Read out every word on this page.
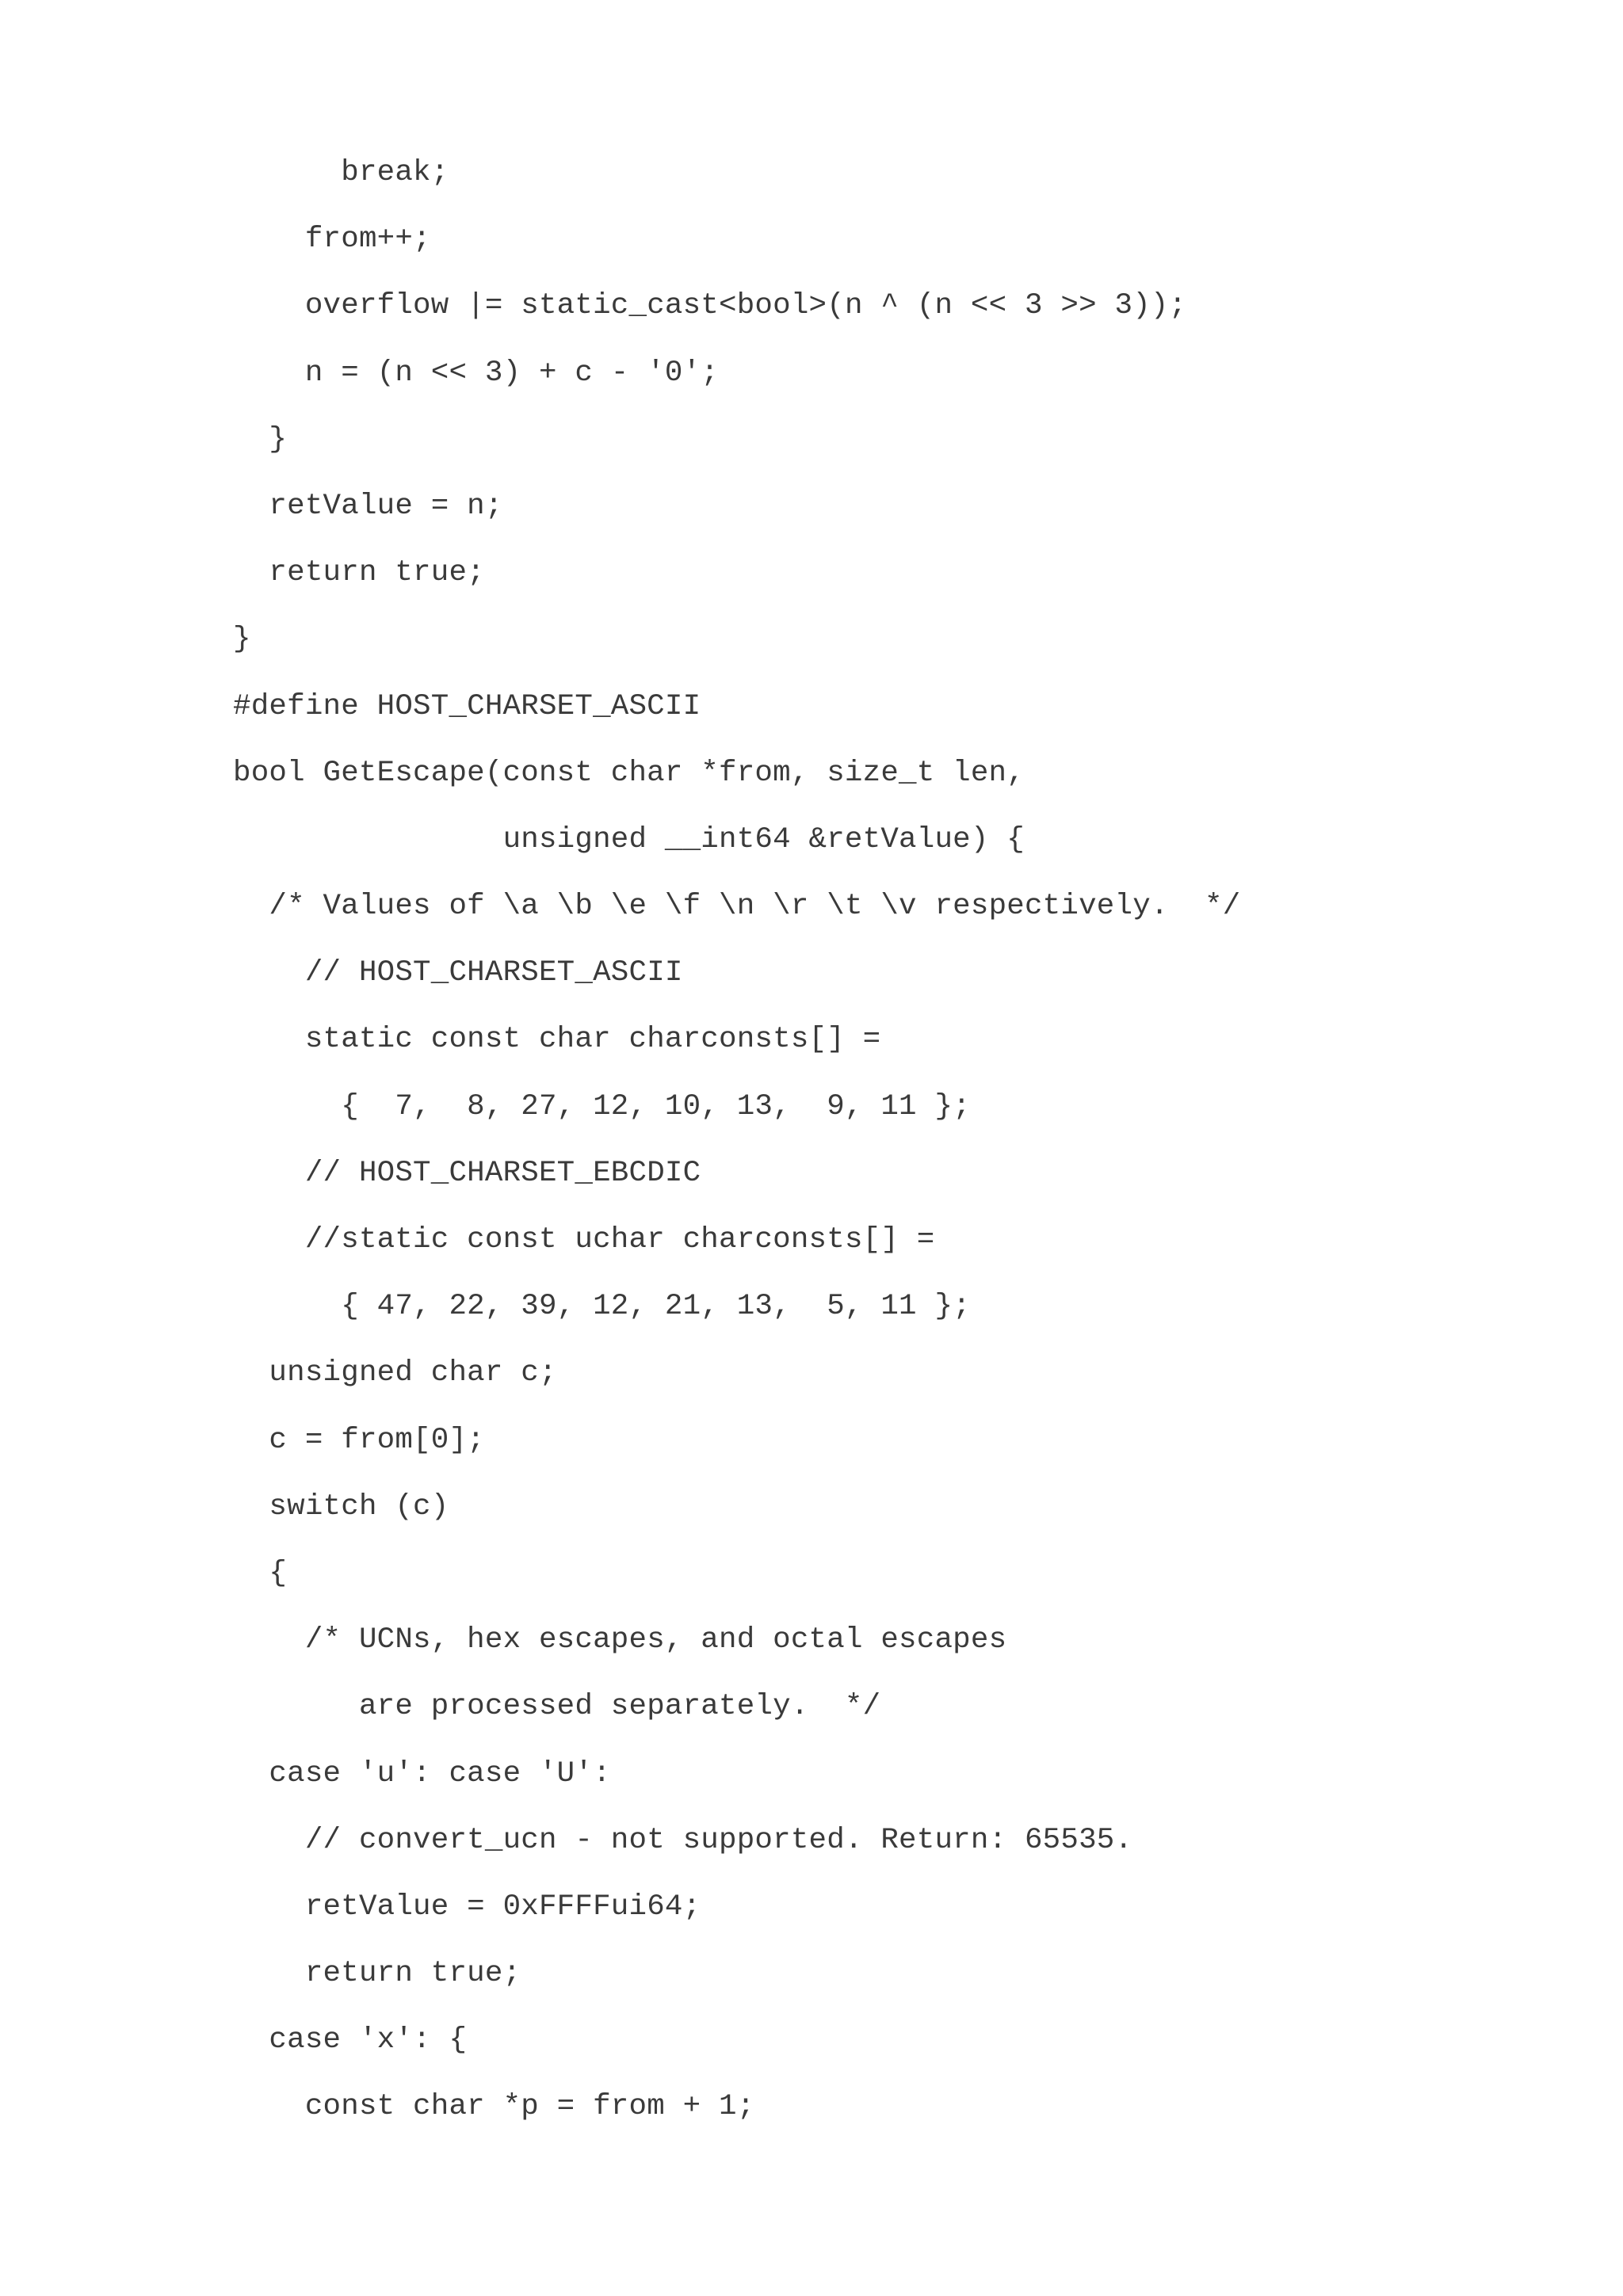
break;
from++;
overflow |= static_cast<bool>(n ^ (n << 3 >> 3));
n = (n << 3) + c - '0';
}
retValue = n;
return true;
}
#define HOST_CHARSET_ASCII
bool GetEscape(const char *from, size_t len,
unsigned __int64 &retValue) {
/* Values of \a \b \e \f \n \r \t \v respectively.  */
// HOST_CHARSET_ASCII
static const char charconsts[] =
{  7,  8, 27, 12, 10, 13,  9, 11 };
// HOST_CHARSET_EBCDIC
//static const uchar charconsts[] =
{ 47, 22, 39, 12, 21, 13,  5, 11 };
unsigned char c;
c = from[0];
switch (c)
{
/* UCNs, hex escapes, and octal escapes
are processed separately.  */
case 'u': case 'U':
// convert_ucn - not supported. Return: 65535.
retValue = 0xFFFFui64;
return true;
case 'x': {
const char *p = from + 1;
